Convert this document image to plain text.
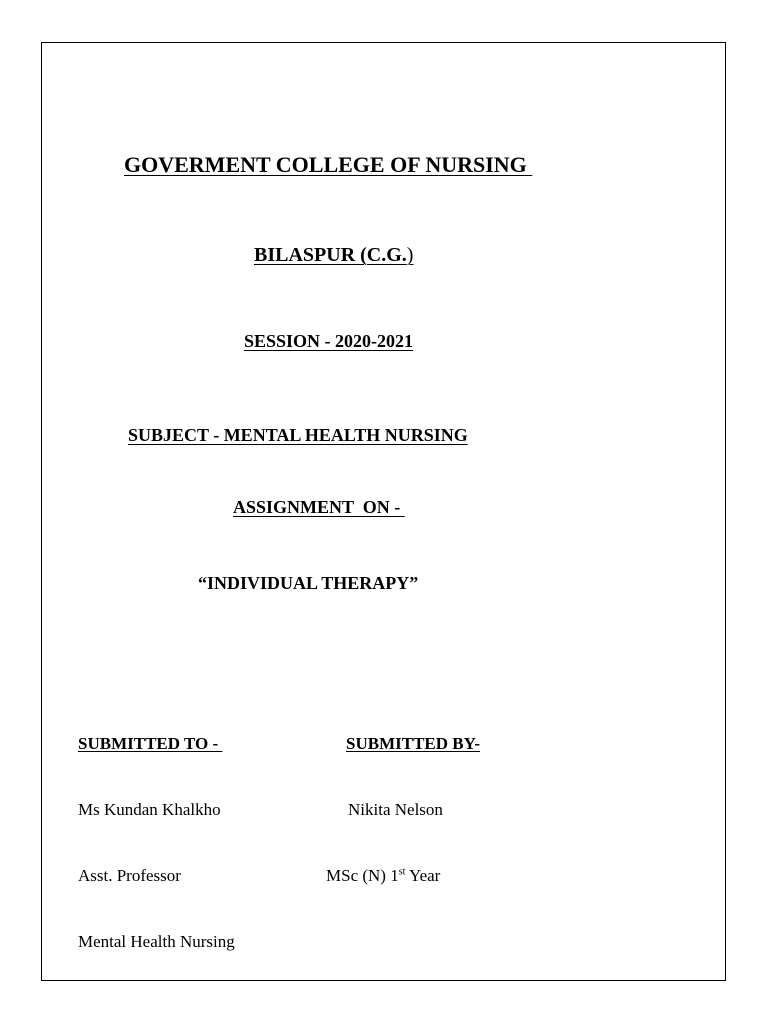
GOVERMENT COLLEGE OF NURSING
BILASPUR (C.G.)
SESSION - 2020-2021
SUBJECT - MENTAL HEALTH NURSING
ASSIGNMENT  ON -
“INDIVIDUAL THERAPY”

SUBMITTED TO -

Ms Kundan Khalkho

Asst. Professor

Mental Health Nursing

SUBMITTED BY-

Nikita Nelson

MSc (N) 1st Year
